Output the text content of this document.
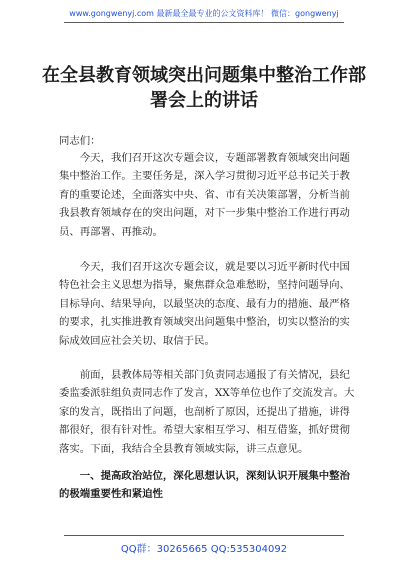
www.gongwenyj.com 最新最全最专业的公文资料库！ 微信：gongwenyj
在全县教育领域突出问题集中整治工作部署会上的讲话
同志们：
今天，我们召开这次专题会议，专题部署教育领域突出问题集中整治工作。主要任务是，深入学习贯彻习近平总书记关于教育的重要论述，全面落实中央、省、市有关决策部署，分析当前我县教育领域存在的突出问题，对下一步集中整治工作进行再动员、再部署、再推动。
今天，我们召开这次专题会议，就是要以习近平新时代中国特色社会主义思想为指导，聚焦群众急难愁盼，坚持问题导向、目标导向、结果导向，以最坚决的态度、最有力的措施、最严格的要求，扎实推进教育领域突出问题集中整治，切实以整治的实际成效回应社会关切、取信于民。
前面，县教体局等相关部门负责同志通报了有关情况，县纪委监委派驻组负责同志作了发言，XX等单位也作了交流发言。大家的发言，既指出了问题，也剖析了原因，还提出了措施，讲得都很好，很有针对性。希望大家相互学习、相互借鉴，抓好贯彻落实。下面，我结合全县教育领域实际，讲三点意见。
一、提高政治站位，深化思想认识，深刻认识开展集中整治的极端重要性和紧迫性
QQ群：30265665 QQ:535304092
